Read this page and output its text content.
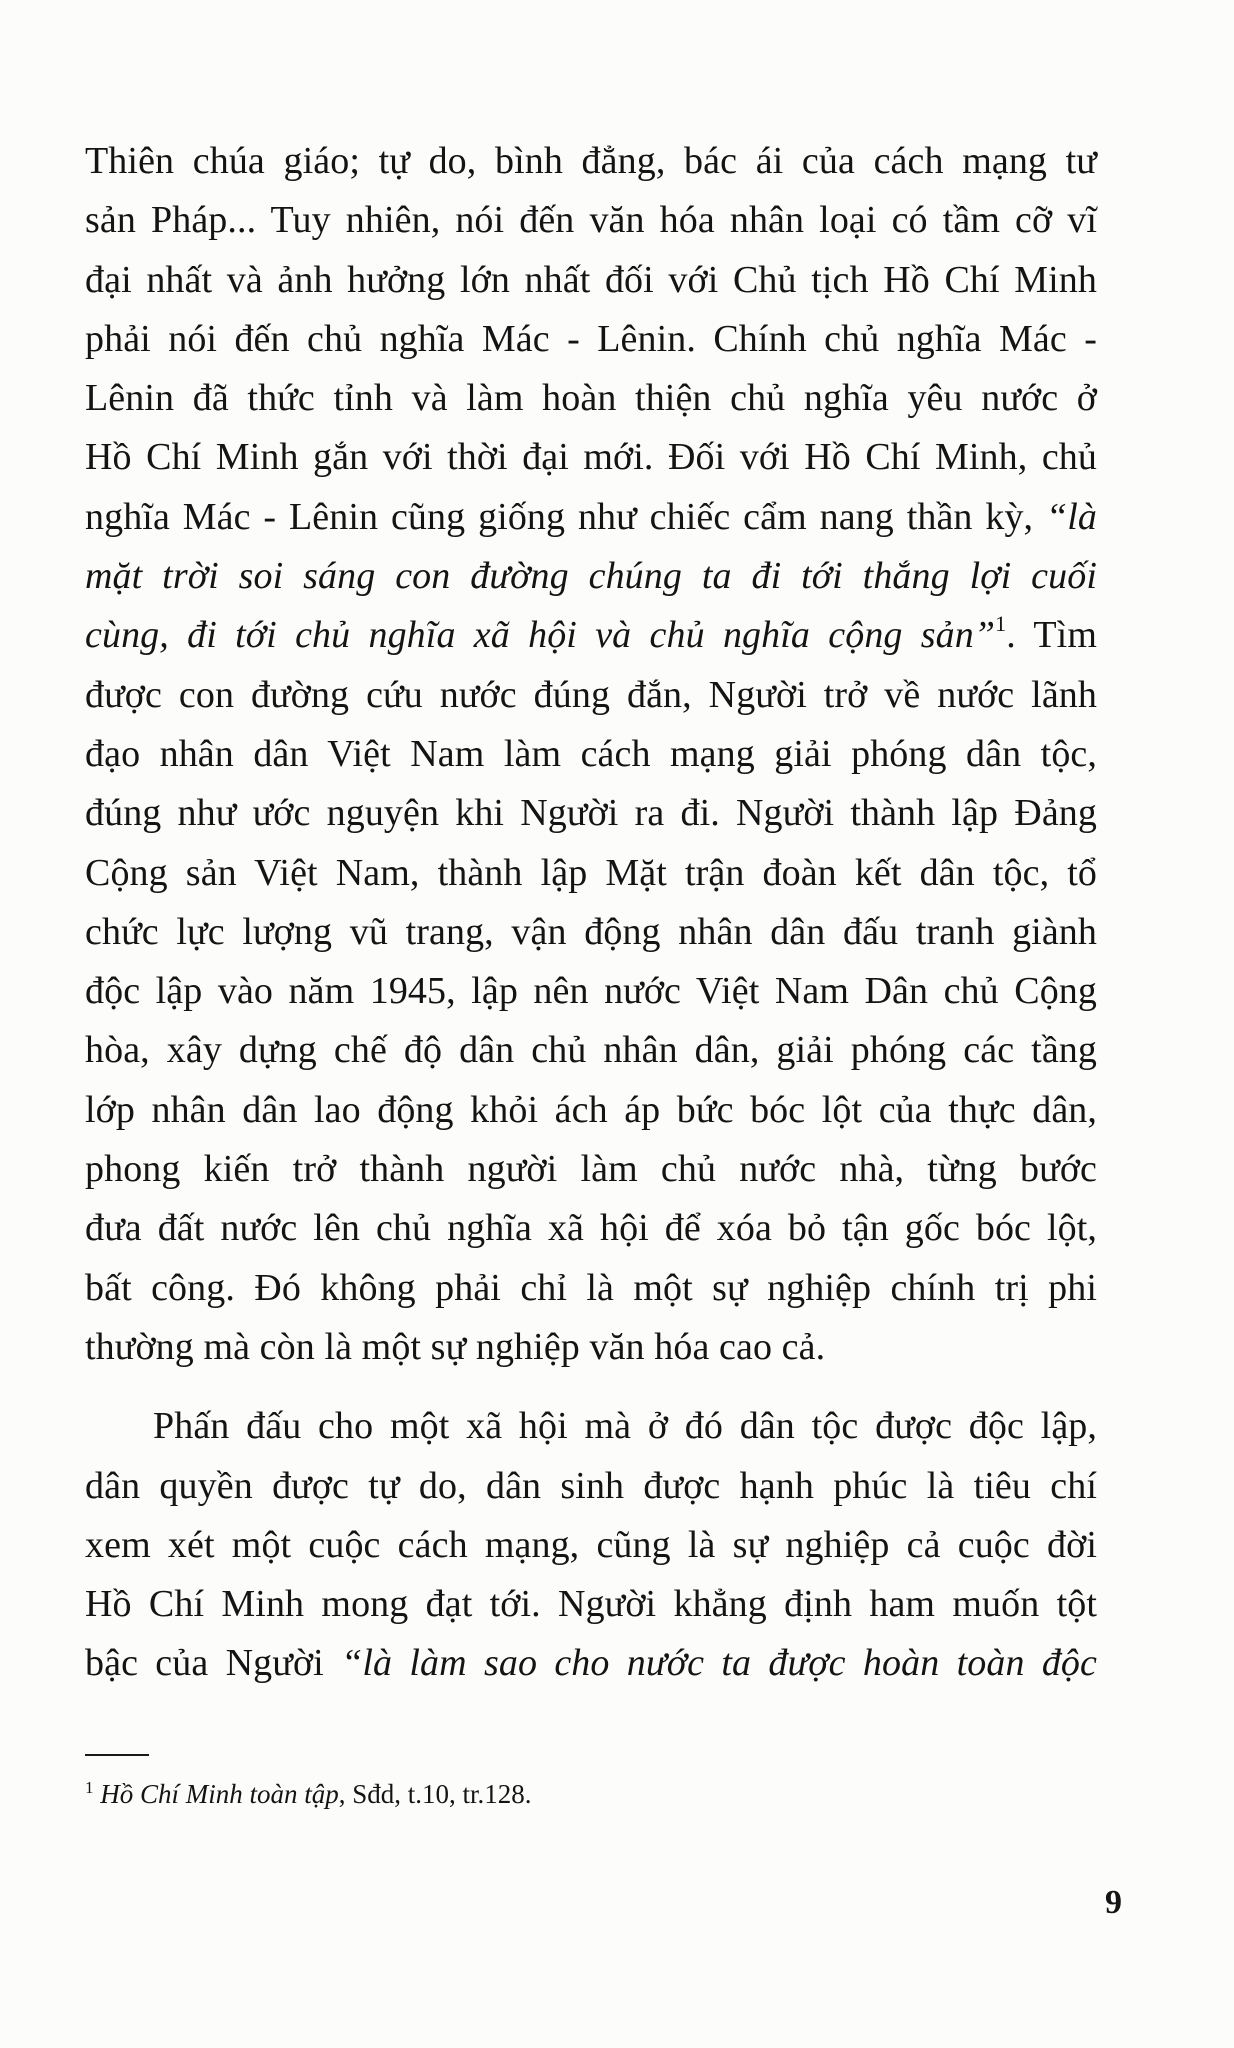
Thiên chúa giáo; tự do, bình đẳng, bác ái của cách mạng tư
sản Pháp... Tuy nhiên, nói đến văn hóa nhân loại có tầm cỡ vĩ
đại nhất và ảnh hưởng lớn nhất đối với Chủ tịch Hồ Chí Minh
phải nói đến chủ nghĩa Mác - Lênin. Chính chủ nghĩa Mác -
Lênin đã thức tỉnh và làm hoàn thiện chủ nghĩa yêu nước ở
Hồ Chí Minh gắn với thời đại mới. Đối với Hồ Chí Minh, chủ
nghĩa Mác - Lênin cũng giống như chiếc cẩm nang thần kỳ, “là
mặt trời soi sáng con đường chúng ta đi tới thắng lợi cuối
cùng, đi tới chủ nghĩa xã hội và chủ nghĩa cộng sản”$^1$. Tìm
được con đường cứu nước đúng đắn, Người trở về nước lãnh
đạo nhân dân Việt Nam làm cách mạng giải phóng dân tộc,
đúng như ước nguyện khi Người ra đi. Người thành lập Đảng
Cộng sản Việt Nam, thành lập Mặt trận đoàn kết dân tộc, tổ
chức lực lượng vũ trang, vận động nhân dân đấu tranh giành
độc lập vào năm 1945, lập nên nước Việt Nam Dân chủ Cộng
hòa, xây dựng chế độ dân chủ nhân dân, giải phóng các tầng
lớp nhân dân lao động khỏi ách áp bức bóc lột của thực dân,
phong kiến trở thành người làm chủ nước nhà, từng bước
đưa đất nước lên chủ nghĩa xã hội để xóa bỏ tận gốc bóc lột,
bất công. Đó không phải chỉ là một sự nghiệp chính trị phi
thường mà còn là một sự nghiệp văn hóa cao cả.
Phấn đấu cho một xã hội mà ở đó dân tộc được độc lập,
dân quyền được tự do, dân sinh được hạnh phúc là tiêu chí
xem xét một cuộc cách mạng, cũng là sự nghiệp cả cuộc đời
Hồ Chí Minh mong đạt tới. Người khẳng định ham muốn tột
bậc của Người “là làm sao cho nước ta được hoàn toàn độc
$^1$ Hồ Chí Minh toàn tập, Sđd, t.10, tr.128.
9
